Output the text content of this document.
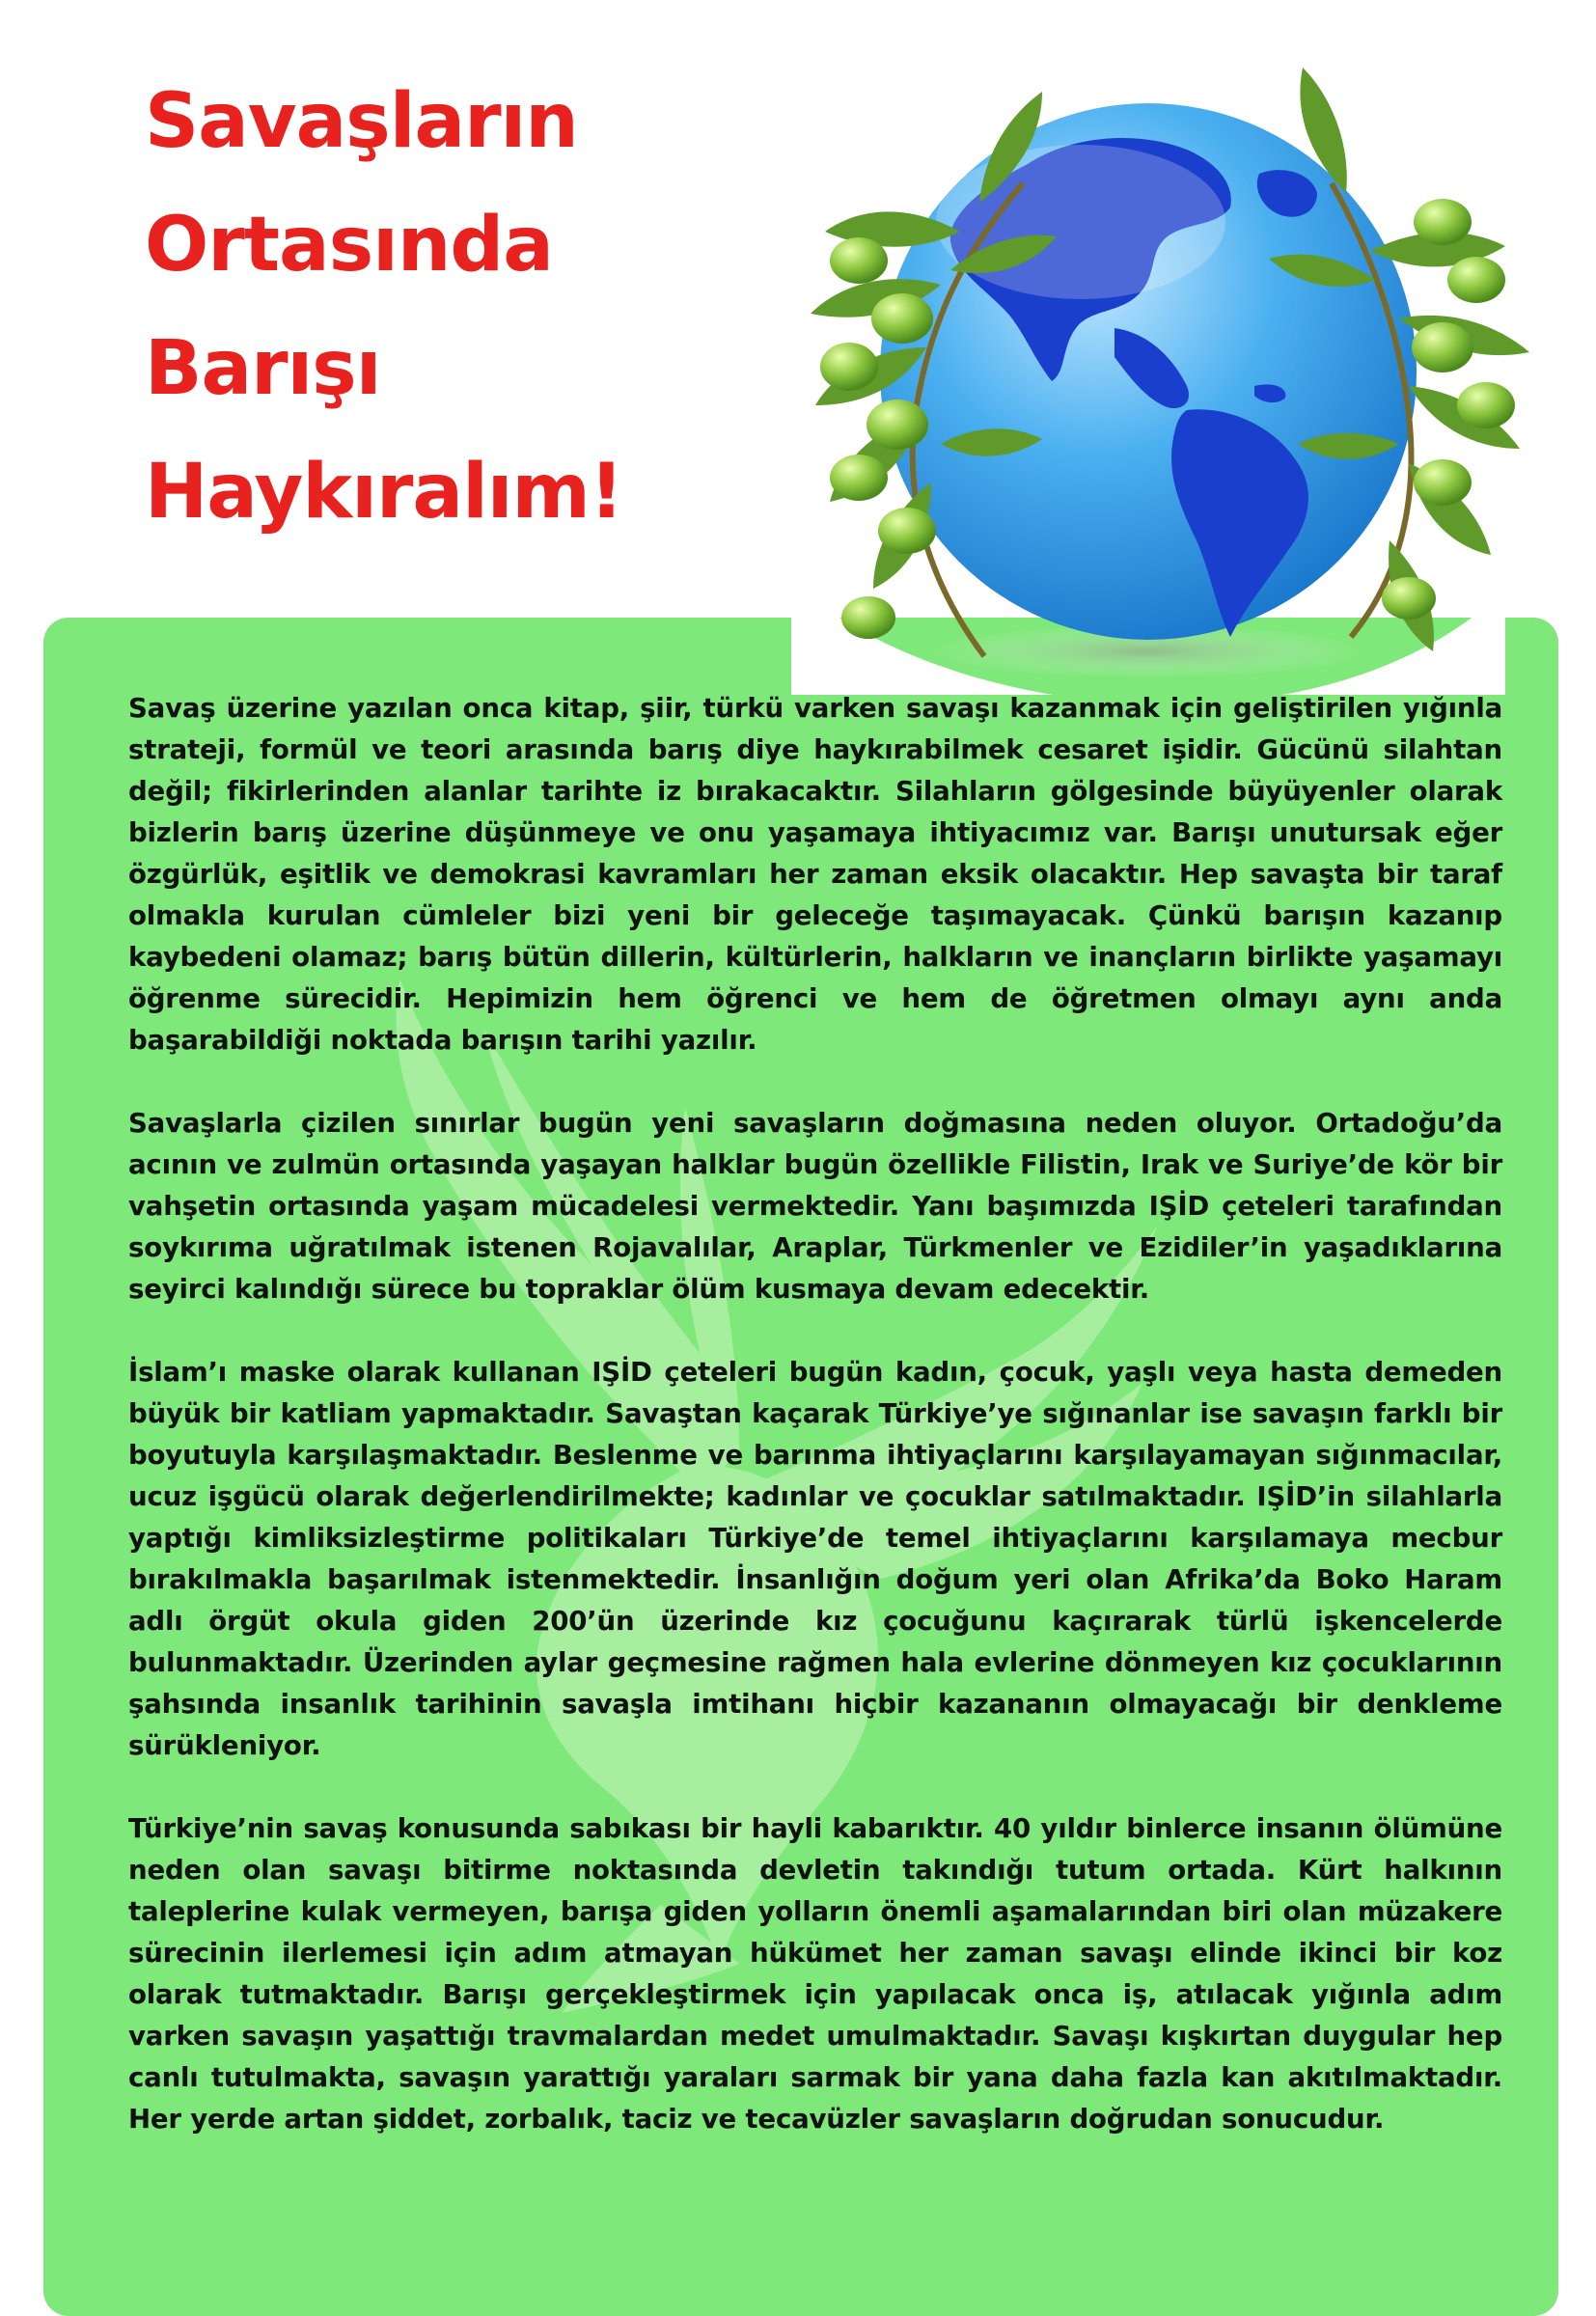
Savaşların
Ortasında
Barışı
Haykıralım!

Savaş üzerine yazılan onca kitap, şiir, türkü varken savaşı kazanmak için geliştirilen yığınla strateji, formül ve teori arasında barış diye haykırabilmek cesaret işidir. Gücünü silahtan değil; fikirlerinden alanlar tarihte iz bırakacaktır. Silahların gölgesinde büyüyenler olarak bizlerin barış üzerine düşünmeye ve onu yaşamaya ihtiyacımız var. Barışı unutursak eğer özgürlük, eşitlik ve demokrasi kavramları her zaman eksik olacaktır. Hep savaşta bir taraf olmakla kurulan cümleler bizi yeni bir geleceğe taşımayacak. Çünkü barışın kazanıp kaybedeni olamaz; barış bütün dillerin, kültürlerin, halkların ve inançların birlikte yaşamayı öğrenme sürecidir. Hepimizin hem öğrenci ve hem de öğretmen olmayı aynı anda başarabildiği noktada barışın tarihi yazılır.

Savaşlarla çizilen sınırlar bugün yeni savaşların doğmasına neden oluyor. Ortadoğu’da acının ve zulmün ortasında yaşayan halklar bugün özellikle Filistin, Irak ve Suriye’de kör bir vahşetin ortasında yaşam mücadelesi vermektedir. Yanı başımızda IŞİD çeteleri tarafından soykırıma uğratılmak istenen Rojavalılar, Araplar, Türkmenler ve Ezidiler’in yaşadıklarına seyirci kalındığı sürece bu topraklar ölüm kusmaya devam edecektir.

İslam’ı maske olarak kullanan IŞİD çeteleri bugün kadın, çocuk, yaşlı veya hasta demeden büyük bir katliam yapmaktadır. Savaştan kaçarak Türkiye’ye sığınanlar ise savaşın farklı bir boyutuyla karşılaşmaktadır. Beslenme ve barınma ihtiyaçlarını karşılayamayan sığınmacılar, ucuz işgücü olarak değerlendirilmekte; kadınlar ve çocuklar satılmaktadır. IŞİD’in silahlarla yaptığı kimliksizleştirme politikaları Türkiye’de temel ihtiyaçlarını karşılamaya mecbur bırakılmakla başarılmak istenmektedir. İnsanlığın doğum yeri olan Afrika’da Boko Haram adlı örgüt okula giden 200’ün üzerinde kız çocuğunu kaçırarak türlü işkencelerde bulunmaktadır. Üzerinden aylar geçmesine rağmen hala evlerine dönmeyen kız çocuklarının şahsında insanlık tarihinin savaşla imtihanı hiçbir kazananın olmayacağı bir denkleme sürükleniyor.

Türkiye’nin savaş konusunda sabıkası bir hayli kabarıktır. 40 yıldır binlerce insanın ölümüne neden olan savaşı bitirme noktasında devletin takındığı tutum ortada. Kürt halkının taleplerine kulak vermeyen, barışa giden yolların önemli aşamalarından biri olan müzakere sürecinin ilerlemesi için adım atmayan hükümet her zaman savaşı elinde ikinci bir koz olarak tutmaktadır. Barışı gerçekleştirmek için yapılacak onca iş, atılacak yığınla adım varken savaşın yaşattığı travmalardan medet umulmaktadır. Savaşı kışkırtan duygular hep canlı tutulmakta, savaşın yarattığı yaraları sarmak bir yana daha fazla kan akıtılmaktadır. Her yerde artan şiddet, zorbalık, taciz ve tecavüzler savaşların doğrudan sonucudur.
